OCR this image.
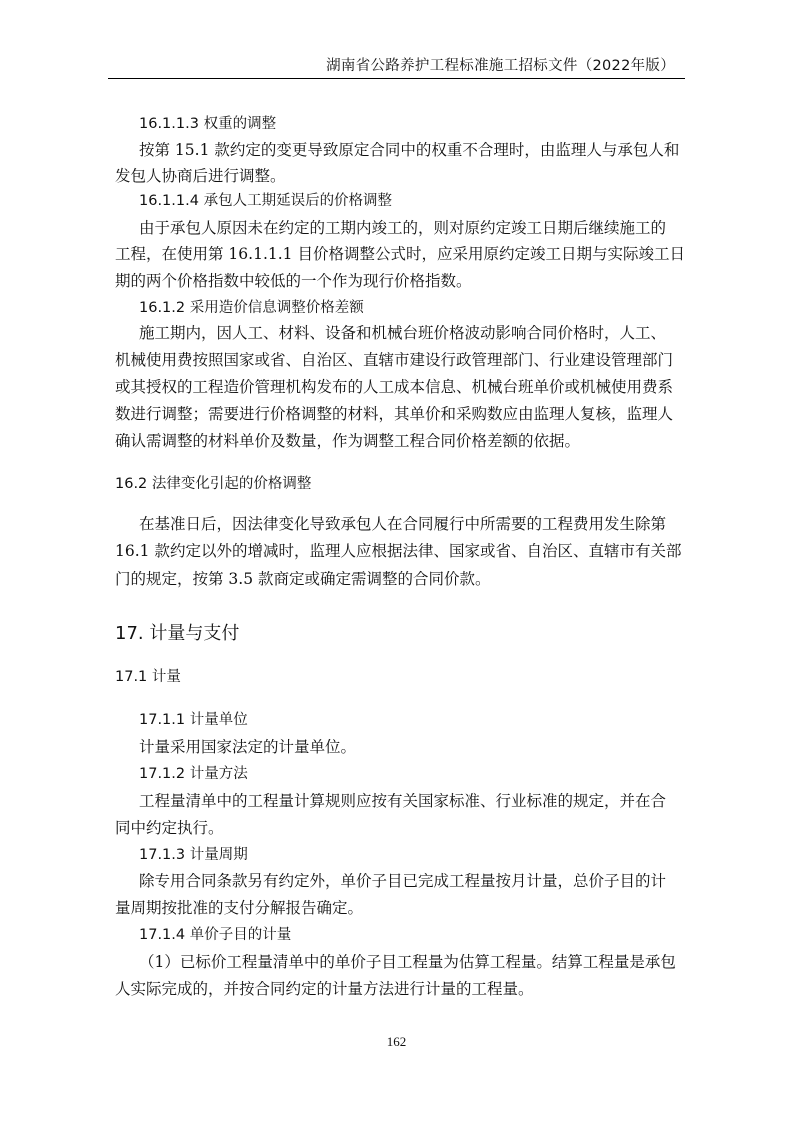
湖南省公路养护工程标准施工招标文件（2022年版）
16.1.1.3 权重的调整
按第 15.1 款约定的变更导致原定合同中的权重不合理时，由监理人与承包人和
发包人协商后进行调整。
16.1.1.4 承包人工期延误后的价格调整
由于承包人原因未在约定的工期内竣工的，则对原约定竣工日期后继续施工的
工程，在使用第 16.1.1.1 目价格调整公式时，应采用原约定竣工日期与实际竣工日
期的两个价格指数中较低的一个作为现行价格指数。
16.1.2 采用造价信息调整价格差额
施工期内，因人工、材料、设备和机械台班价格波动影响合同价格时，人工、
机械使用费按照国家或省、自治区、直辖市建设行政管理部门、行业建设管理部门
或其授权的工程造价管理机构发布的人工成本信息、机械台班单价或机械使用费系
数进行调整；需要进行价格调整的材料，其单价和采购数应由监理人复核，监理人
确认需调整的材料单价及数量，作为调整工程合同价格差额的依据。
16.2 法律变化引起的价格调整
在基准日后，因法律变化导致承包人在合同履行中所需要的工程费用发生除第
16.1 款约定以外的增减时，监理人应根据法律、国家或省、自治区、直辖市有关部
门的规定，按第 3.5 款商定或确定需调整的合同价款。
17. 计量与支付
17.1 计量
17.1.1 计量单位
计量采用国家法定的计量单位。
17.1.2 计量方法
工程量清单中的工程量计算规则应按有关国家标准、行业标准的规定，并在合
同中约定执行。
17.1.3 计量周期
除专用合同条款另有约定外，单价子目已完成工程量按月计量，总价子目的计
量周期按批准的支付分解报告确定。
17.1.4 单价子目的计量
（1）已标价工程量清单中的单价子目工程量为估算工程量。结算工程量是承包
人实际完成的，并按合同约定的计量方法进行计量的工程量。
162
